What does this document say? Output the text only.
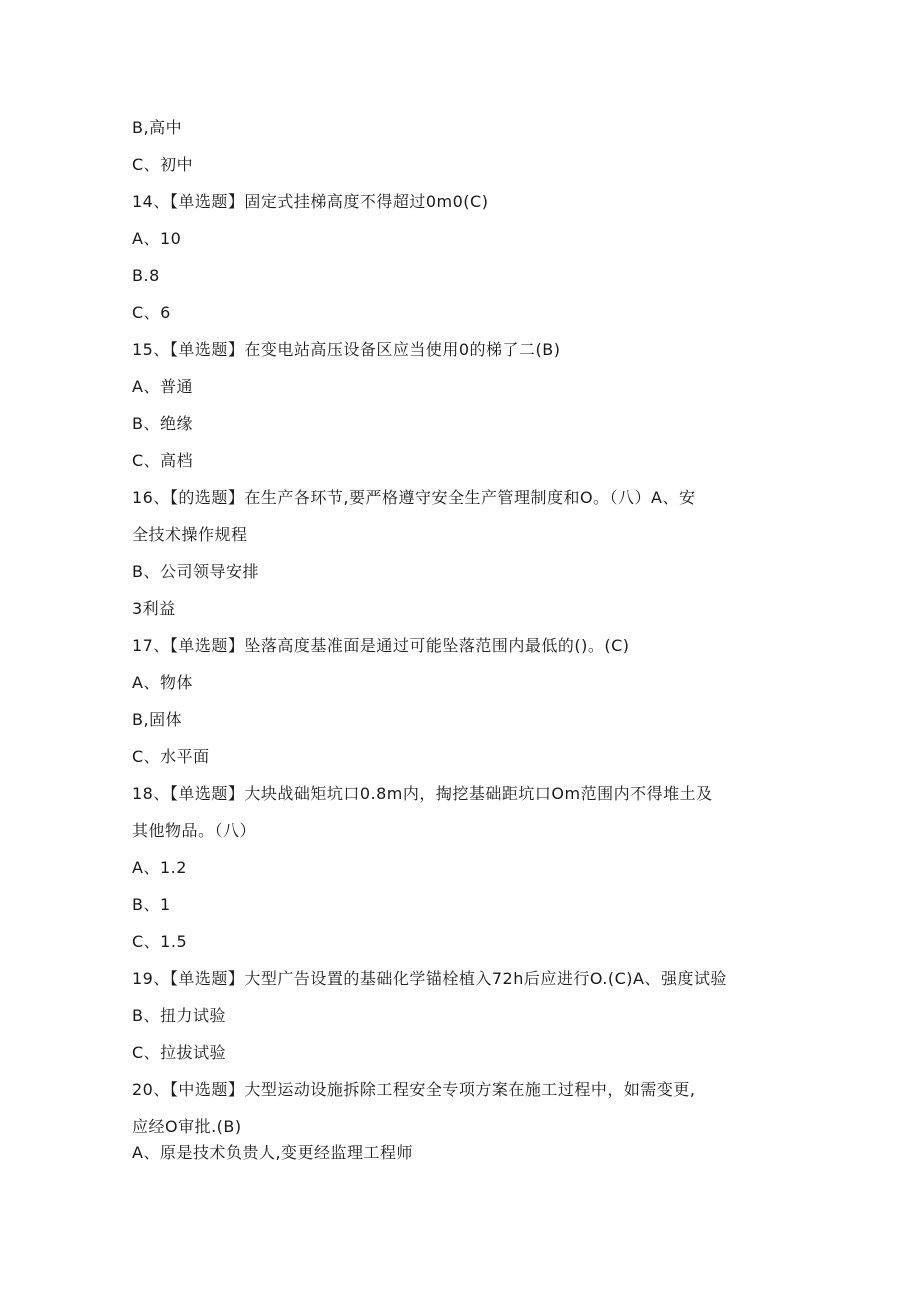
B,高中
C、初中
14、【单选题】固定式挂梯高度不得超过0m0(C)
A、10
B.8
C、6
15、【单选题】在变电站高压设备区应当使用0的梯了二(B)
A、普通
B、绝缘
C、高档
16、【的选题】在生产各环节,要严格遵守安全生产管理制度和O。（八）A、安
全技术操作规程
B、公司领导安排
3利益
17、【单选题】坠落高度基准面是通过可能坠落范围内最低的()。(C)
A、物体
B,固体
C、水平面
18、【单选题】大块战础矩坑口0.8m内，掏挖基础距坑口Om范围内不得堆土及
其他物品。（八）
A、1.2
B、1
C、1.5
19、【单选题】大型广告设置的基础化学锚栓植入72h后应进行O.(C)A、强度试验
B、扭力试验
C、拉拔试验
20、【中选题】大型运动设施拆除工程安全专项方案在施工过程中，如需变更,
应经O审批.(B)
A、原是技术负贵人,变更经监理工程师
